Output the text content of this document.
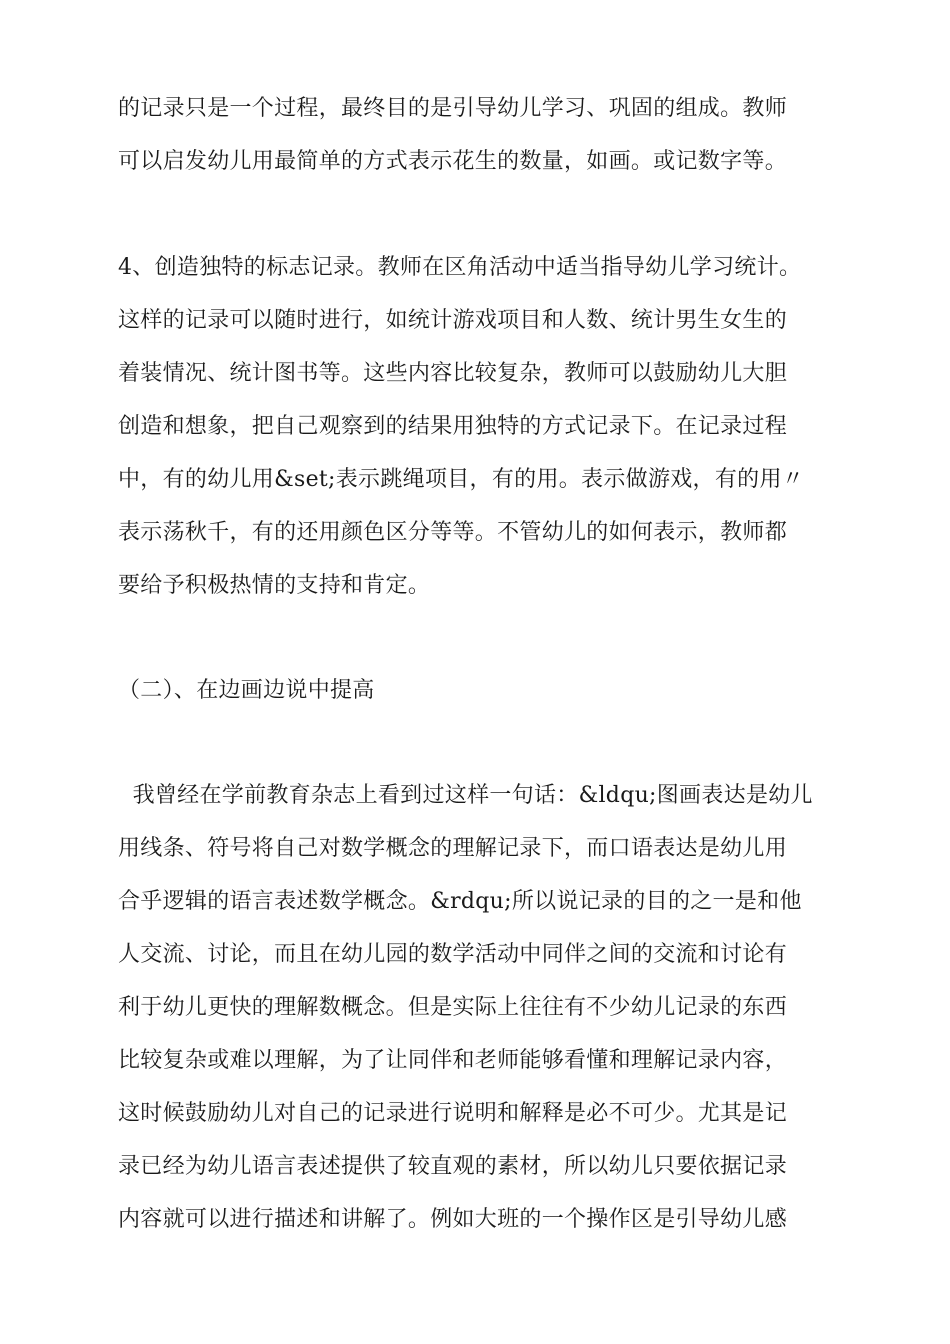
的记录只是一个过程，最终目的是引导幼儿学习、巩固的组成。教师
可以启发幼儿用最简单的方式表示花生的数量，如画。或记数字等。
4、创造独特的标志记录。教师在区角活动中适当指导幼儿学习统计。
这样的记录可以随时进行，如统计游戏项目和人数、统计男生女生的
着装情况、统计图书等。这些内容比较复杂，教师可以鼓励幼儿大胆
创造和想象，把自己观察到的结果用独特的方式记录下。在记录过程
中，有的幼儿用&set;表示跳绳项目，有的用。表示做游戏，有的用〃
表示荡秋千，有的还用颜色区分等等。不管幼儿的如何表示，教师都
要给予积极热情的支持和肯定。
（二）、在边画边说中提高
我曾经在学前教育杂志上看到过这样一句话：&ldqu;图画表达是幼儿
用线条、符号将自己对数学概念的理解记录下，而口语表达是幼儿用
合乎逻辑的语言表述数学概念。&rdqu;所以说记录的目的之一是和他
人交流、讨论，而且在幼儿园的数学活动中同伴之间的交流和讨论有
利于幼儿更快的理解数概念。但是实际上往往有不少幼儿记录的东西
比较复杂或难以理解，为了让同伴和老师能够看懂和理解记录内容，
这时候鼓励幼儿对自己的记录进行说明和解释是必不可少。尤其是记
录已经为幼儿语言表述提供了较直观的素材，所以幼儿只要依据记录
内容就可以进行描述和讲解了。例如大班的一个操作区是引导幼儿感
